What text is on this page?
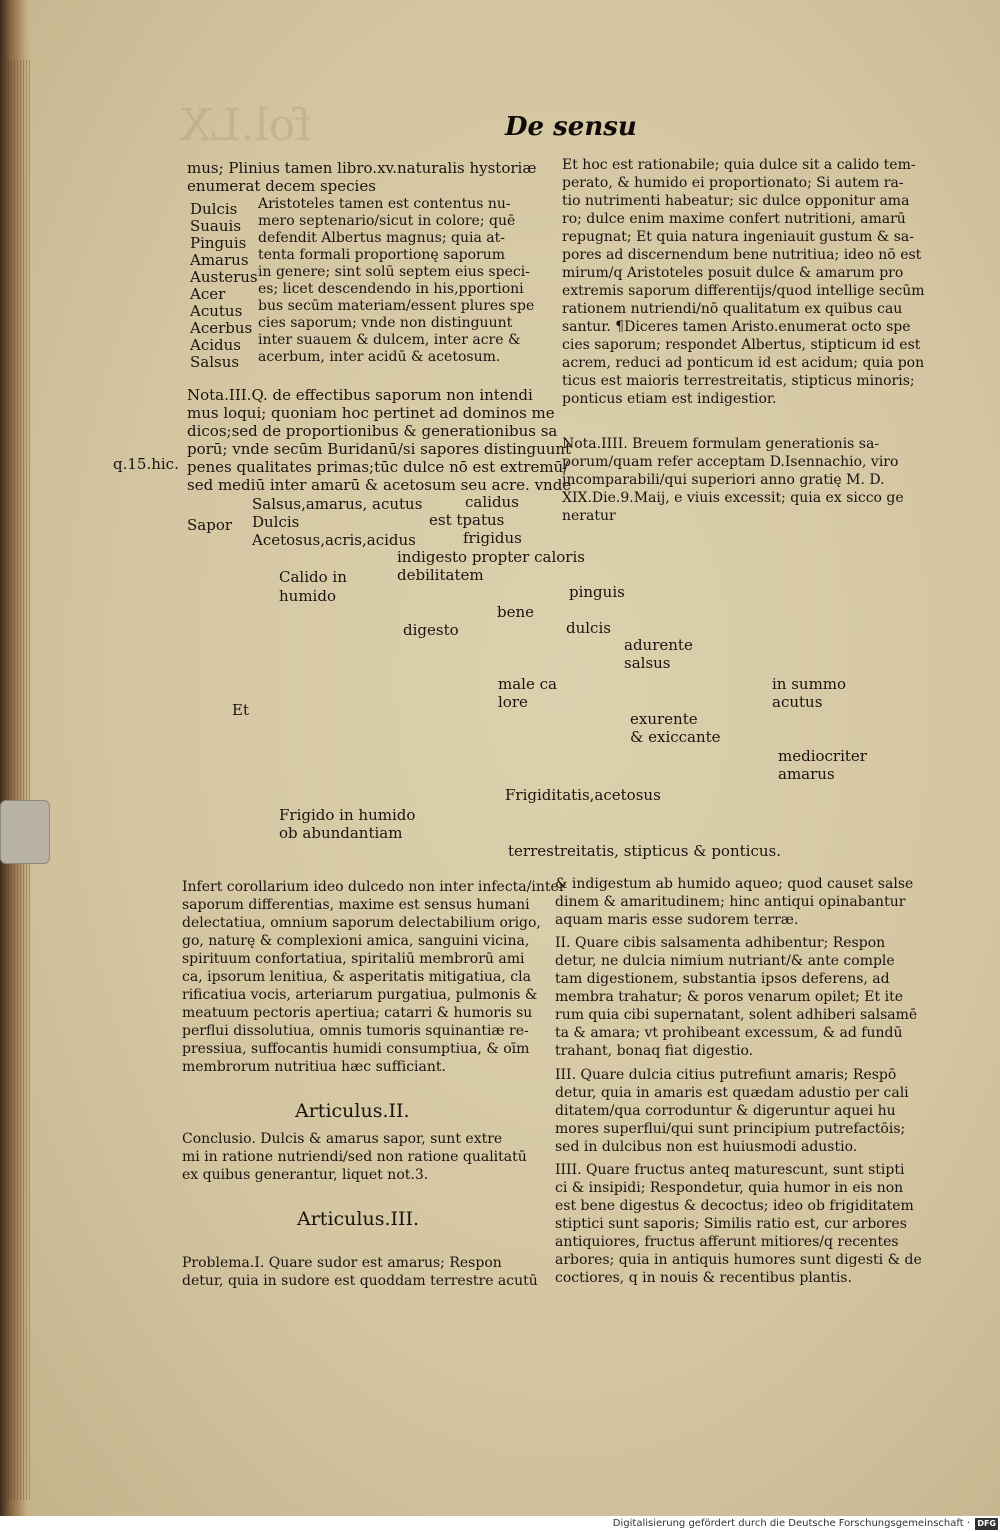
fol.LX	De sensu
mus; Plinius tamen libro.xv.naturalis hystoriæ
enumerat decem species
Dulcis
Suauis
Pinguis
Amarus
Austerus
Acer
Acutus
Acerbus
Acidus
Salsus
Aristoteles tamen est contentus nu-
mero septenario/sicut in colore; quē
defendit Albertus magnus; quia at-
tenta formali proportionę saporum
in genere; sint solū septem eius speci-
es; licet descendendo in his,pportioni
bus secūm materiam/essent plures spe
cies saporum; vnde non distinguunt
inter suauem & dulcem, inter acre &
acerbum, inter acidū & acetosum.
Nota.III.Q. de effectibus saporum non intendi
mus loqui; quoniam hoc pertinet ad dominos me
dicos;sed de proportionibus & generationibus sa
porū; vnde secūm Buridanū/si sapores distinguunt
penes qualitates primas;tūc dulce nō est extremū/
sed mediū inter amarū & acetosum seu acre. vnde
q.15.hic.
Et hoc est rationabile; quia dulce sit a calido tem-
perato, & humido ei proportionato; Si autem ra-
tio nutrimenti habeatur; sic dulce opponitur ama
ro; dulce enim maxime confert nutritioni, amarū
repugnat; Et quia natura ingeniauit gustum & sa-
pores ad discernendum bene nutritiua; ideo nō est
mirum/q Aristoteles posuit dulce & amarum pro
extremis saporum differentijs/quod intellige secūm
rationem nutriendi/nō qualitatum ex quibus cau
santur. ¶Diceres tamen Aristo.enumerat octo spe
cies saporum; respondet Albertus, stipticum id est
acrem, reduci ad ponticum id est acidum; quia pon
ticus est maioris terrestreitatis, stipticus minoris;
ponticus etiam est indigestior.
Nota.IIII. Breuem formulam generationis sa-
porum/quam refer acceptam D.Isennachio, viro
incomparabili/qui superiori anno gratię M. D.
XIX.Die.9.Maij, e viuis excessit; quia ex sicco ge
neratur
Sapor
Salsus,amarus, acutus
Dulcis
Acetosus,acris,acidus
calidus
est tpatus
frigidus
indigesto propter caloris
debilitatem
Calido in
humido	pinguis
bene
digesto	dulcis
adurente
salsus
male ca
lore
in summo
acutus
Et	exurente
& exiccante
mediocriter
amarus
Frigiditatis,acetosus
Frigido in humido
ob abundantiam
terrestreitatis, stipticus & ponticus.
Infert corollarium ideo dulcedo non inter infecta/inter
saporum differentias, maxime est sensus humani
delectatiua, omnium saporum delectabilium origo,
go, naturę & complexioni amica, sanguini vicina,
spirituum confortatiua, spiritaliū membrorū ami
ca, ipsorum lenitiua, & asperitatis mitigatiua, cla
rificatiua vocis, arteriarum purgatiua, pulmonis &
meatuum pectoris apertiua; catarri & humoris su
perflui dissolutiua, omnis tumoris squinantiæ re-
pressiua, suffocantis humidi consumptiua, & oīm
membrorum nutritiua hæc sufficiant.
Articulus.II.
Conclusio. Dulcis & amarus sapor, sunt extre
mi in ratione nutriendi/sed non ratione qualitatū
ex quibus generantur, liquet not.3.
Articulus.III.
Problema.I. Quare sudor est amarus; Respon
detur, quia in sudore est quoddam terrestre acutū
& indigestum ab humido aqueo; quod causet salse
dinem & amaritudinem; hinc antiqui opinabantur
aquam maris esse sudorem terræ.
II. Quare cibis salsamenta adhibentur; Respon
detur, ne dulcia nimium nutriant/& ante comple
tam digestionem, substantia ipsos deferens, ad
membra trahatur; & poros venarum opilet; Et ite
rum quia cibi supernatant, solent adhiberi salsamē
ta & amara; vt prohibeant excessum, & ad fundū
trahant, bonaq fiat digestio.
III. Quare dulcia citius putrefiunt amaris; Respō
detur, quia in amaris est quædam adustio per cali
ditatem/qua corroduntur & digeruntur aquei hu
mores superflui/qui sunt principium putrefactōis;
sed in dulcibus non est huiusmodi adustio.
IIII. Quare fructus anteq maturescunt, sunt stipti
ci & insipidi; Respondetur, quia humor in eis non
est bene digestus & decoctus; ideo ob frigiditatem
stiptici sunt saporis; Similis ratio est, cur arbores
antiquiores, fructus afferunt mitiores/q recentes
arbores; quia in antiquis humores sunt digesti & de
coctiores, q in nouis & recentibus plantis.
Digitalisierung gefördert durch die Deutsche Forschungsgemeinschaft · DFG
